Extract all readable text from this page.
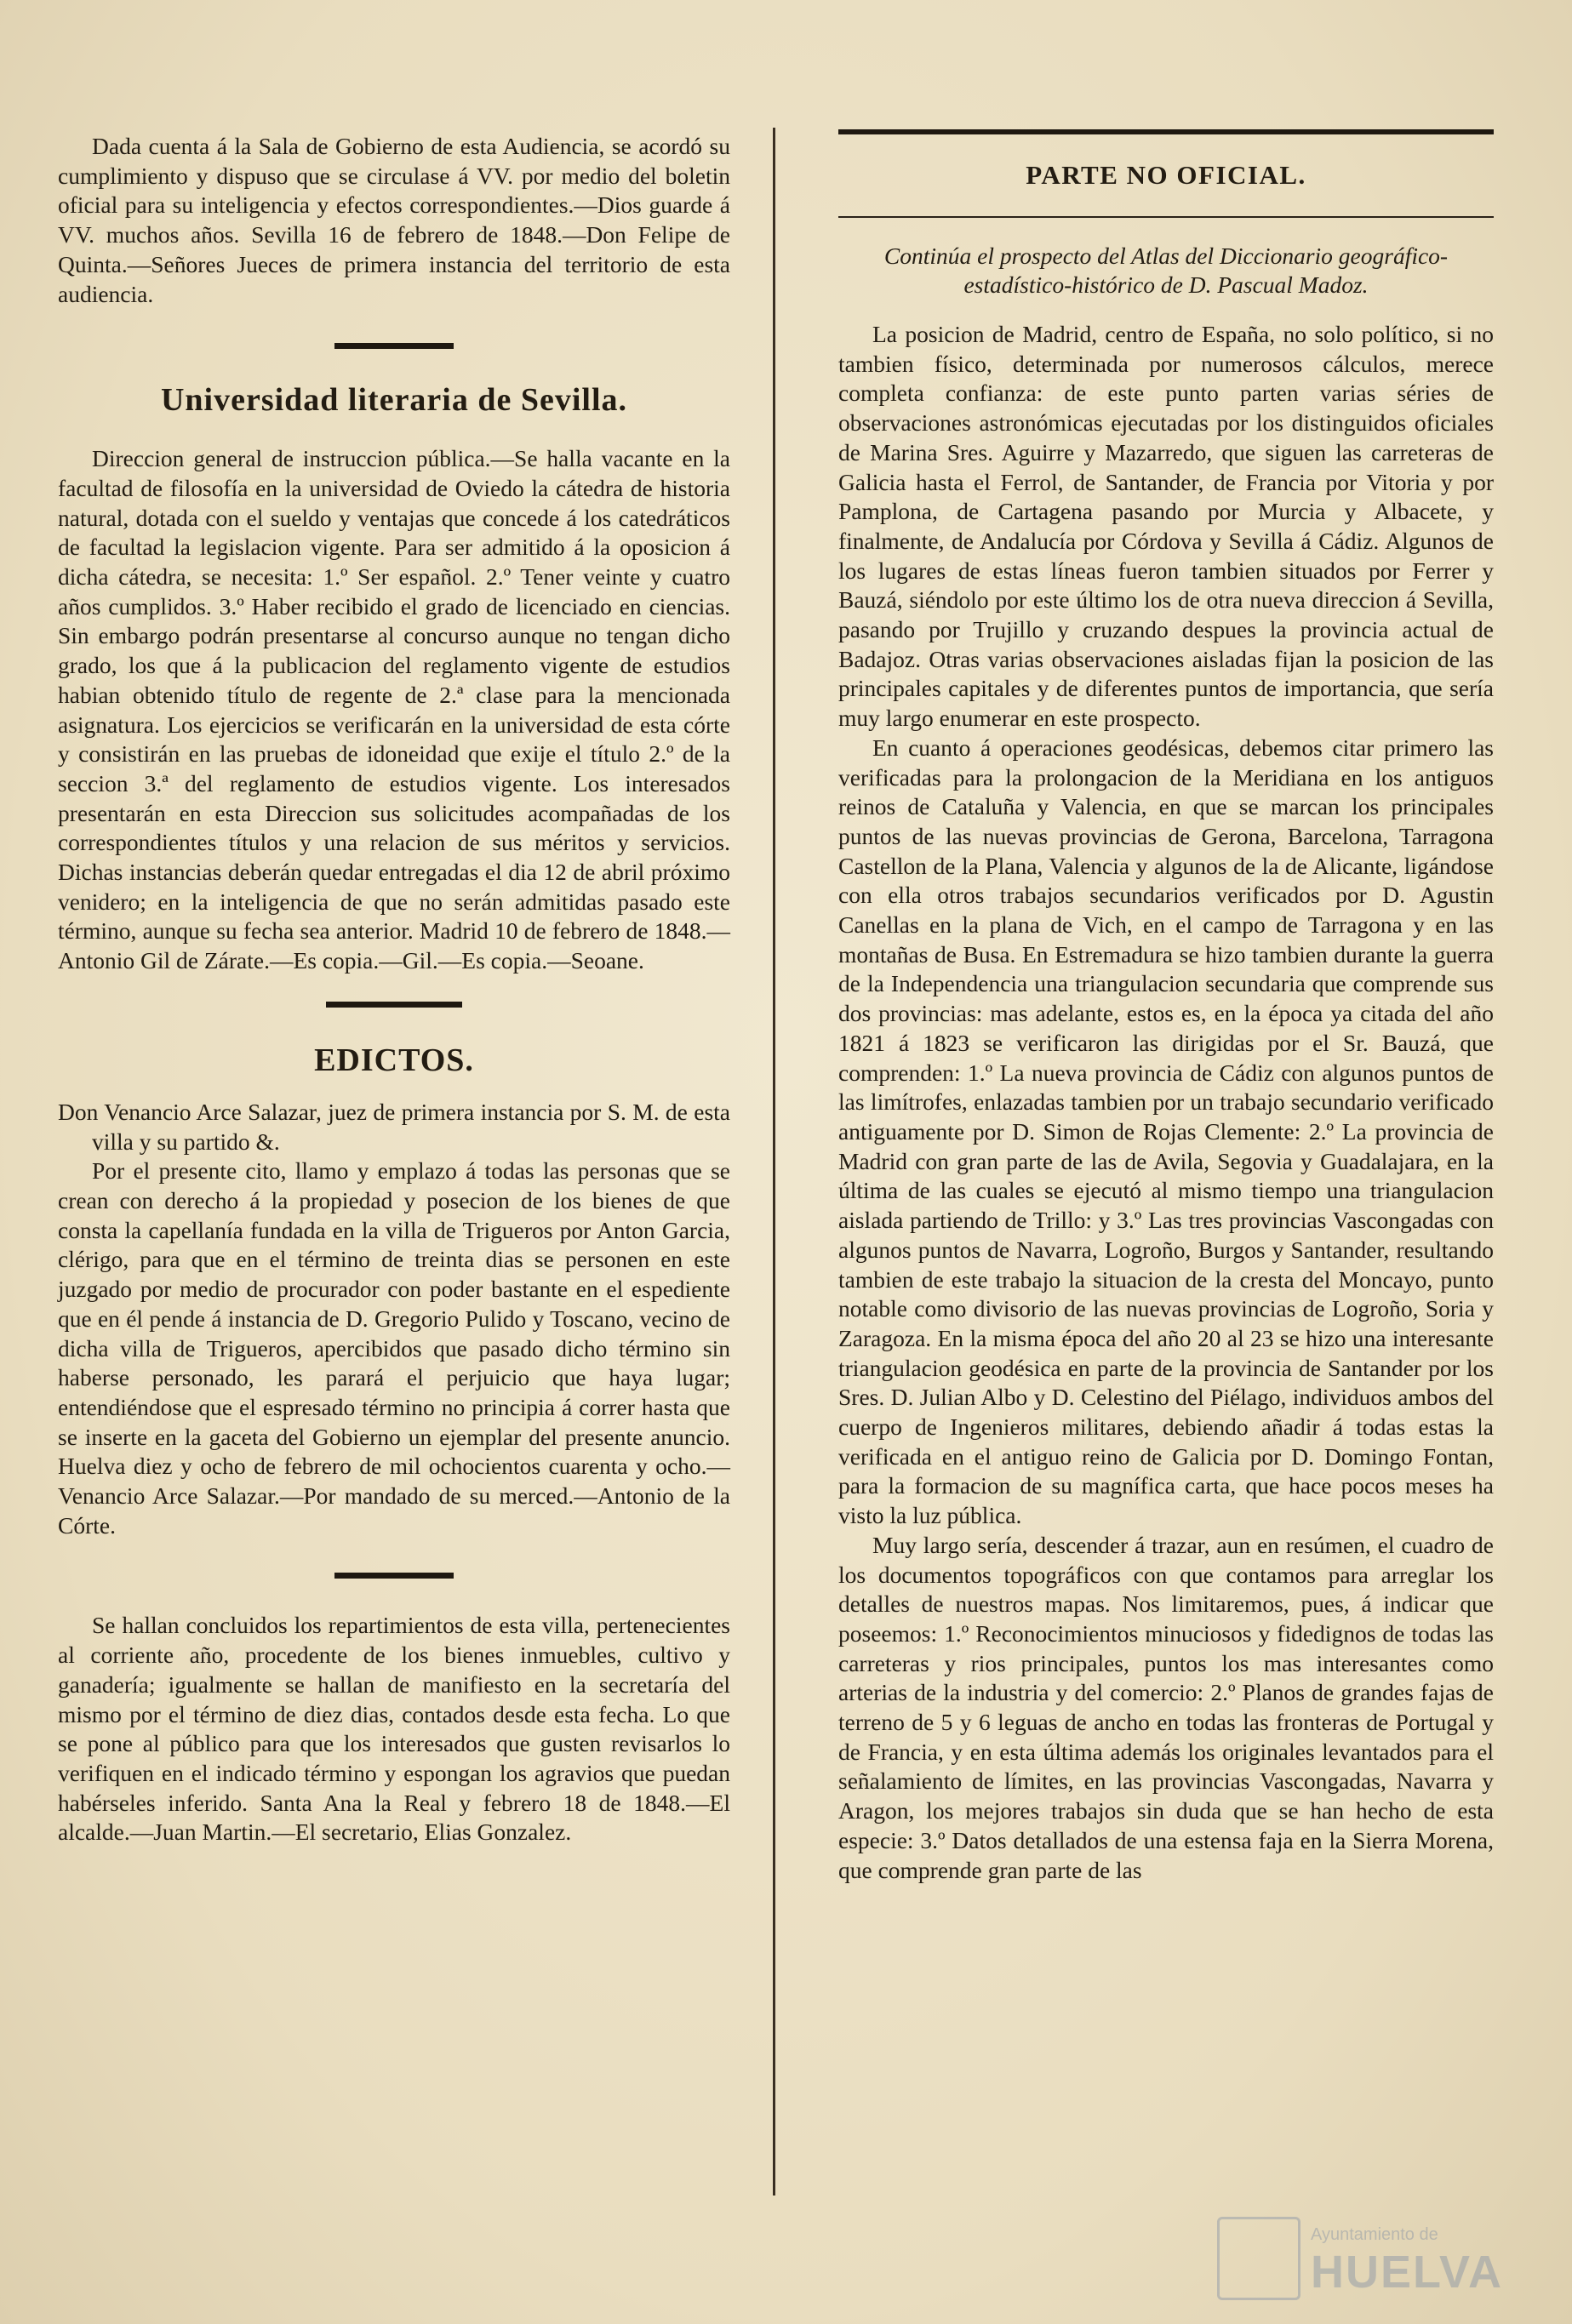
Dada cuenta á la Sala de Gobierno de esta Audiencia, se acordó su cumplimiento y dispuso que se circulase á VV. por medio del boletin oficial para su inteligencia y efectos correspondientes.—Dios guarde á VV. muchos años. Sevilla 16 de febrero de 1848.—Don Felipe de Quinta.—Señores Jueces de primera instancia del territorio de esta audiencia.

Universidad literaria de Sevilla.

Direccion general de instruccion pública.—Se halla vacante en la facultad de filosofía en la universidad de Oviedo la cátedra de historia natural, dotada con el sueldo y ventajas que concede á los catedráticos de facultad la legislacion vigente. Para ser admitido á la oposicion á dicha cátedra, se necesita: 1.º Ser español. 2.º Tener veinte y cuatro años cumplidos. 3.º Haber recibido el grado de licenciado en ciencias. Sin embargo podrán presentarse al concurso aunque no tengan dicho grado, los que á la publicacion del reglamento vigente de estudios habian obtenido título de regente de 2.ª clase para la mencionada asignatura. Los ejercicios se verificarán en la universidad de esta córte y consistirán en las pruebas de idoneidad que exije el título 2.º de la seccion 3.ª del reglamento de estudios vigente. Los interesados presentarán en esta Direccion sus solicitudes acompañadas de los correspondientes títulos y una relacion de sus méritos y servicios. Dichas instancias deberán quedar entregadas el dia 12 de abril próximo venidero; en la inteligencia de que no serán admitidas pasado este término, aunque su fecha sea anterior. Madrid 10 de febrero de 1848.—Antonio Gil de Zárate.—Es copia.—Gil.—Es copia.—Seoane.

EDICTOS.

Don Venancio Arce Salazar, juez de primera instancia por S. M. de esta villa y su partido &.

Por el presente cito, llamo y emplazo á todas las personas que se crean con derecho á la propiedad y posecion de los bienes de que consta la capellanía fundada en la villa de Trigueros por Anton Garcia, clérigo, para que en el término de treinta dias se personen en este juzgado por medio de procurador con poder bastante en el espediente que en él pende á instancia de D. Gregorio Pulido y Toscano, vecino de dicha villa de Trigueros, apercibidos que pasado dicho término sin haberse personado, les parará el perjuicio que haya lugar; entendiéndose que el espresado término no principia á correr hasta que se inserte en la gaceta del Gobierno un ejemplar del presente anuncio. Huelva diez y ocho de febrero de mil ochocientos cuarenta y ocho.—Venancio Arce Salazar.—Por mandado de su merced.—Antonio de la Córte.

Se hallan concluidos los repartimientos de esta villa, pertenecientes al corriente año, procedente de los bienes inmuebles, cultivo y ganadería; igualmente se hallan de manifiesto en la secretaría del mismo por el término de diez dias, contados desde esta fecha. Lo que se pone al público para que los interesados que gusten revisarlos lo verifiquen en el indicado término y espongan los agravios que puedan habérseles inferido. Santa Ana la Real y febrero 18 de 1848.—El alcalde.—Juan Martin.—El secretario, Elias Gonzalez.

PARTE NO OFICIAL.
Continúa el prospecto del Atlas del Diccionario geográfico-estadístico-histórico de D. Pascual Madoz.

La posicion de Madrid, centro de España, no solo político, si no tambien físico, determinada por numerosos cálculos, merece completa confianza: de este punto parten varias séries de observaciones astronómicas ejecutadas por los distinguidos oficiales de Marina Sres. Aguirre y Mazarredo, que siguen las carreteras de Galicia hasta el Ferrol, de Santander, de Francia por Vitoria y por Pamplona, de Cartagena pasando por Murcia y Albacete, y finalmente, de Andalucía por Córdova y Sevilla á Cádiz. Algunos de los lugares de estas líneas fueron tambien situados por Ferrer y Bauzá, siéndolo por este último los de otra nueva direccion á Sevilla, pasando por Trujillo y cruzando despues la provincia actual de Badajoz. Otras varias observaciones aisladas fijan la posicion de las principales capitales y de diferentes puntos de importancia, que sería muy largo enumerar en este prospecto.

En cuanto á operaciones geodésicas, debemos citar primero las verificadas para la prolongacion de la Meridiana en los antiguos reinos de Cataluña y Valencia, en que se marcan los principales puntos de las nuevas provincias de Gerona, Barcelona, Tarragona Castellon de la Plana, Valencia y algunos de la de Alicante, ligándose con ella otros trabajos secundarios verificados por D. Agustin Canellas en la plana de Vich, en el campo de Tarragona y en las montañas de Busa. En Estremadura se hizo tambien durante la guerra de la Independencia una triangulacion secundaria que comprende sus dos provincias: mas adelante, estos es, en la época ya citada del año 1821 á 1823 se verificaron las dirigidas por el Sr. Bauzá, que comprenden: 1.º La nueva provincia de Cádiz con algunos puntos de las limítrofes, enlazadas tambien por un trabajo secundario verificado antiguamente por D. Simon de Rojas Clemente: 2.º La provincia de Madrid con gran parte de las de Avila, Segovia y Guadalajara, en la última de las cuales se ejecutó al mismo tiempo una triangulacion aislada partiendo de Trillo: y 3.º Las tres provincias Vascongadas con algunos puntos de Navarra, Logroño, Burgos y Santander, resultando tambien de este trabajo la situacion de la cresta del Moncayo, punto notable como divisorio de las nuevas provincias de Logroño, Soria y Zaragoza. En la misma época del año 20 al 23 se hizo una interesante triangulacion geodésica en parte de la provincia de Santander por los Sres. D. Julian Albo y D. Celestino del Piélago, individuos ambos del cuerpo de Ingenieros militares, debiendo añadir á todas estas la verificada en el antiguo reino de Galicia por D. Domingo Fontan, para la formacion de su magnífica carta, que hace pocos meses ha visto la luz pública.

Muy largo sería, descender á trazar, aun en resúmen, el cuadro de los documentos topográficos con que contamos para arreglar los detalles de nuestros mapas. Nos limitaremos, pues, á indicar que poseemos: 1.º Reconocimientos minuciosos y fidedignos de todas las carreteras y rios principales, puntos los mas interesantes como arterias de la industria y del comercio: 2.º Planos de grandes fajas de terreno de 5 y 6 leguas de ancho en todas las fronteras de Portugal y de Francia, y en esta última además los originales levantados para el señalamiento de límites, en las provincias Vascongadas, Navarra y Aragon, los mejores trabajos sin duda que se han hecho de esta especie: 3.º Datos detallados de una estensa faja en la Sierra Morena, que comprende gran parte de las

Ayuntamiento de
HUELVA
